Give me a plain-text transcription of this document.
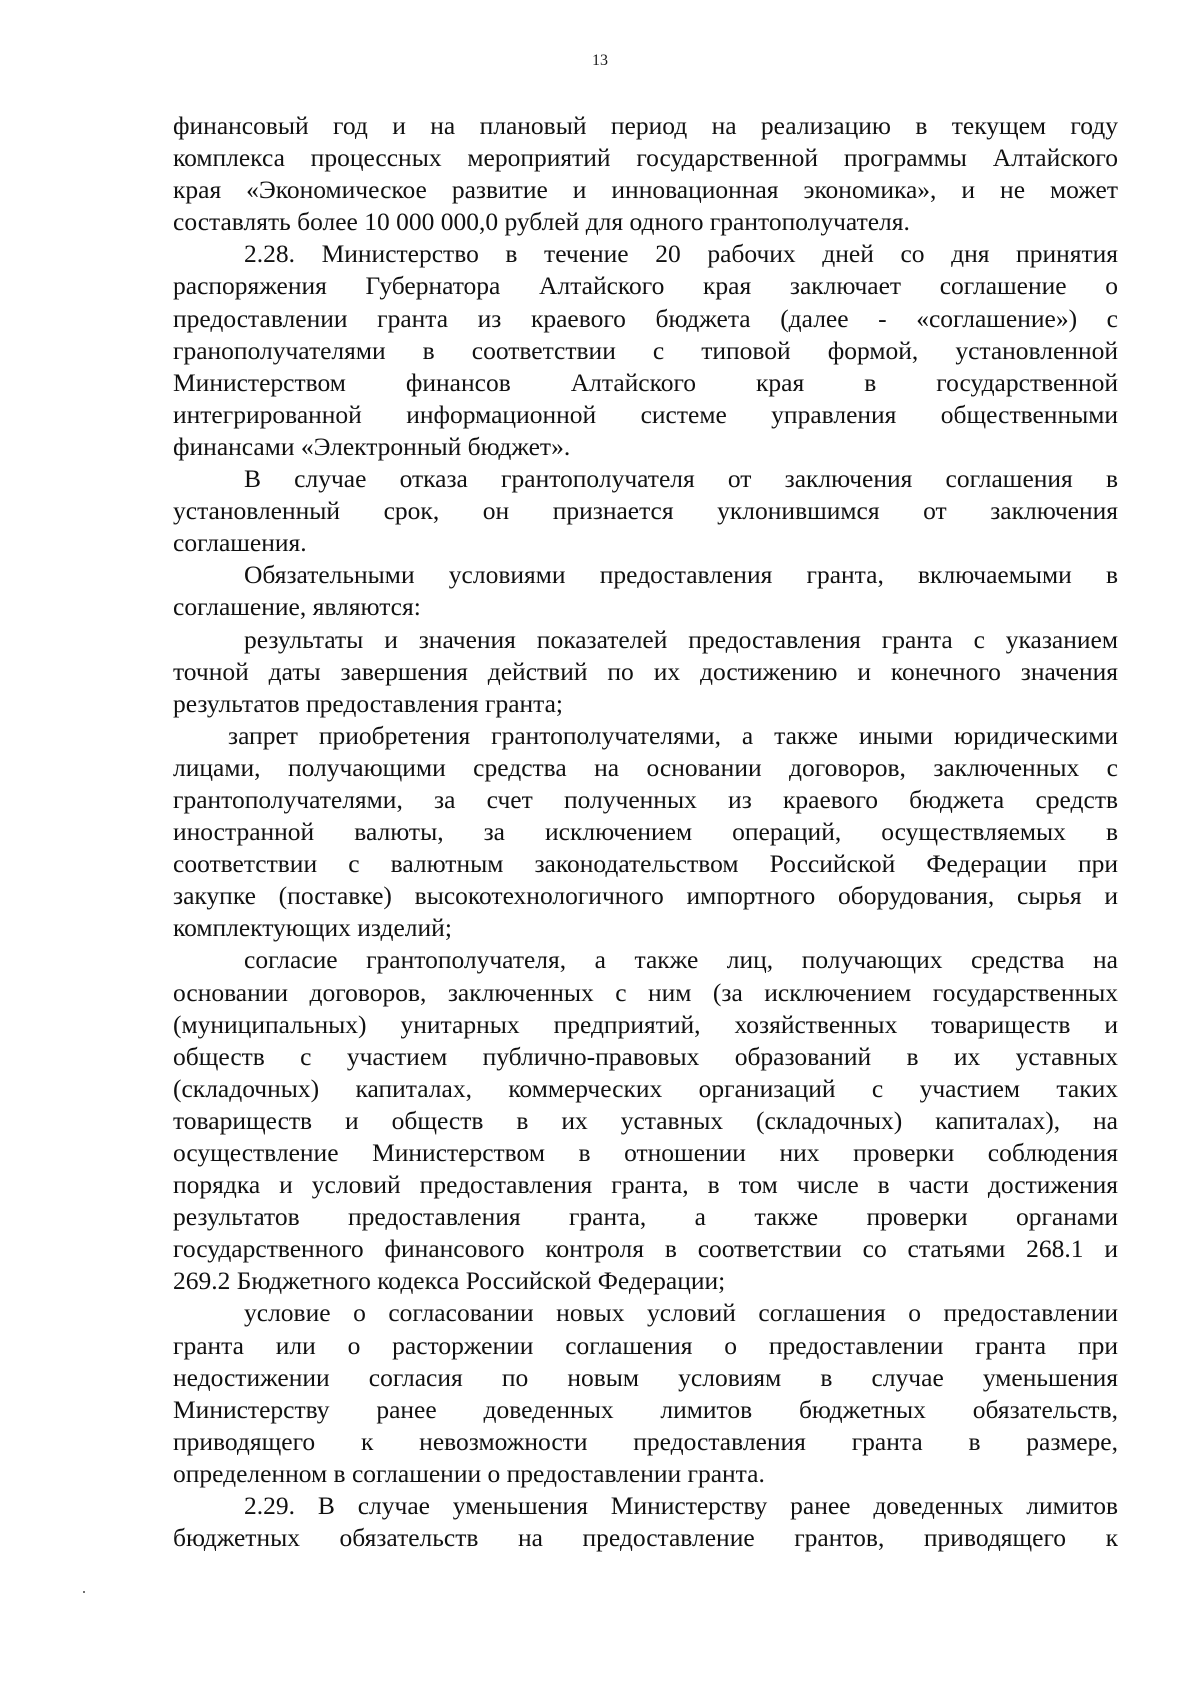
13
финансовый год и на плановый период на реализацию в текущем году
комплекса процессных мероприятий государственной программы Алтайского
края «Экономическое развитие и инновационная экономика», и не может
составлять более 10 000 000,0 рублей для одного грантополучателя.
2.28. Министерство в течение 20 рабочих дней со дня принятия
распоряжения Губернатора Алтайского края заключает соглашение о
предоставлении гранта из краевого бюджета (далее - «соглашение») с
гранополучателями в соответствии с типовой формой, установленной
Министерством финансов Алтайского края в государственной
интегрированной информационной системе управления общественными
финансами «Электронный бюджет».
В случае отказа грантополучателя от заключения соглашения в
установленный срок, он признается уклонившимся от заключения
соглашения.
Обязательными условиями предоставления гранта, включаемыми в
соглашение, являются:
результаты и значения показателей предоставления гранта с указанием
точной даты завершения действий по их достижению и конечного значения
результатов предоставления гранта;
запрет приобретения грантополучателями, а также иными юридическими
лицами, получающими средства на основании договоров, заключенных с
грантополучателями, за счет полученных из краевого бюджета средств
иностранной валюты, за исключением операций, осуществляемых в
соответствии с валютным законодательством Российской Федерации при
закупке (поставке) высокотехнологичного импортного оборудования, сырья и
комплектующих изделий;
согласие грантополучателя, а также лиц, получающих средства на
основании договоров, заключенных с ним (за исключением государственных
(муниципальных) унитарных предприятий, хозяйственных товариществ и
обществ с участием публично-правовых образований в их уставных
(складочных) капиталах, коммерческих организаций с участием таких
товариществ и обществ в их уставных (складочных) капиталах), на
осуществление Министерством в отношении них проверки соблюдения
порядка и условий предоставления гранта, в том числе в части достижения
результатов предоставления гранта, а также проверки органами
государственного финансового контроля в соответствии со статьями 268.1 и
269.2 Бюджетного кодекса Российской Федерации;
условие о согласовании новых условий соглашения о предоставлении
гранта или о расторжении соглашения о предоставлении гранта при
недостижении согласия по новым условиям в случае уменьшения
Министерству ранее доведенных лимитов бюджетных обязательств,
приводящего к невозможности предоставления гранта в размере,
определенном в соглашении о предоставлении гранта.
2.29. В случае уменьшения Министерству ранее доведенных лимитов
бюджетных обязательств на предоставление грантов, приводящего к
